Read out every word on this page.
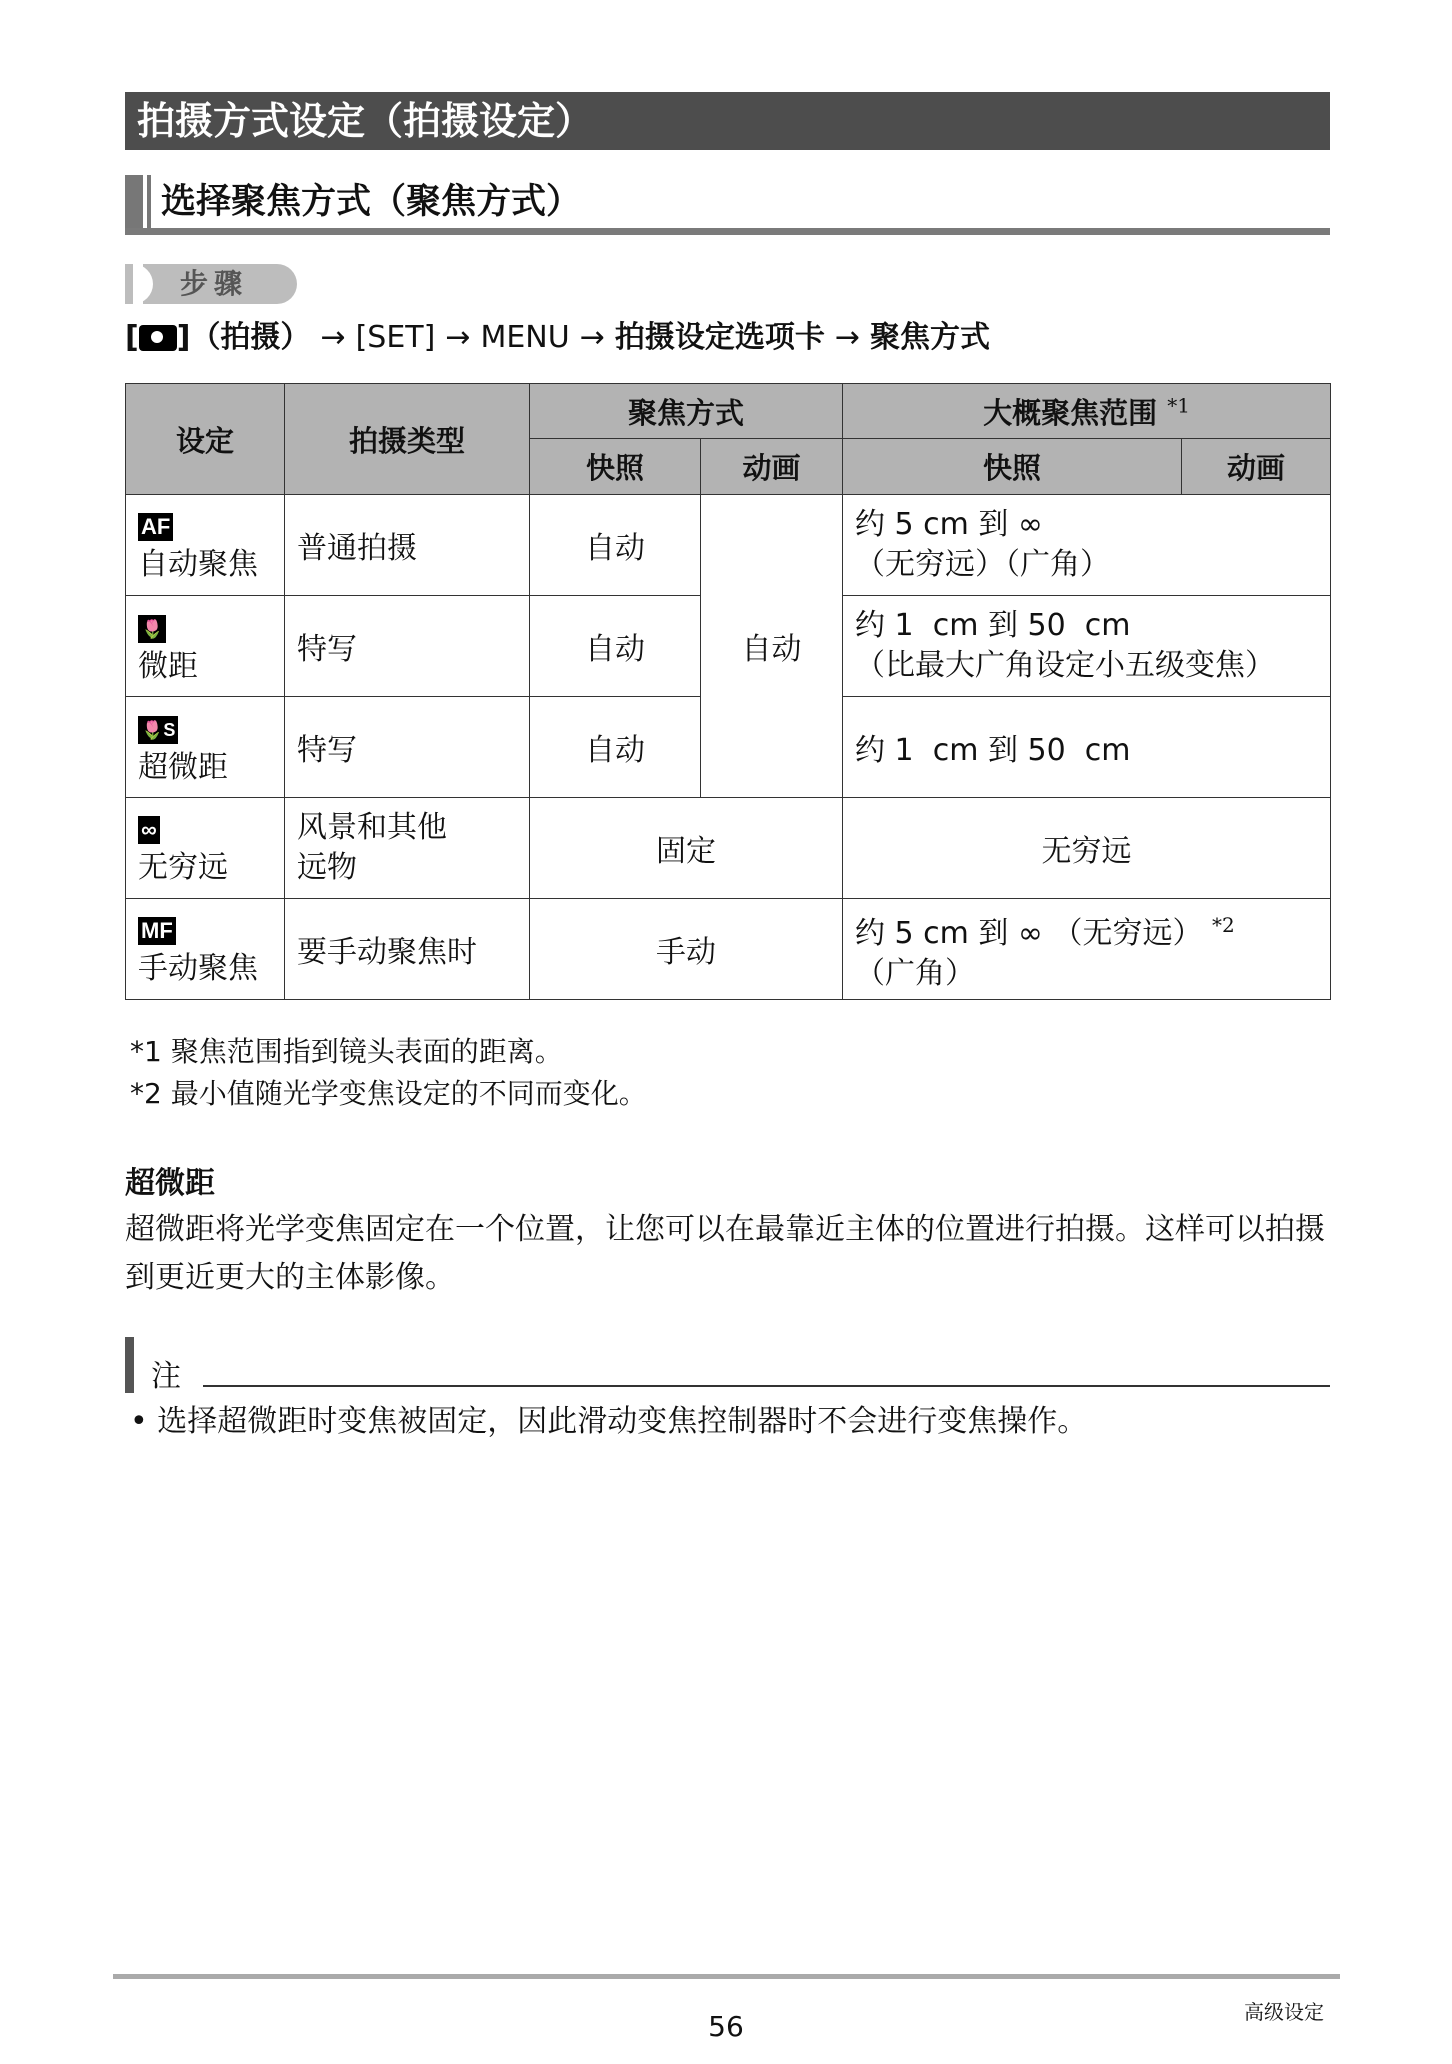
拍摄方式设定（拍摄设定）
选择聚焦方式（聚焦方式）
步骤
[ ]（拍摄） → [SET] → MENU → 拍摄设定选项卡 → 聚焦方式
设定	拍摄类型	聚焦方式		大概聚焦范围 $^{*1}$
		快照	动画	快照	动画
AF
自动聚焦	普通拍摄	自动	自动	约 5 cm 到 ∞
（无穷远）（广角）	
🌷
微距	特写	自动		约 1  cm 到 50  cm
（比最大广角设定小五级变焦）	
🌷S
超微距	特写	自动		约 1  cm 到 50  cm	
∞
无穷远	风景和其他远物	固定		无穷远	
MF
手动聚焦	要手动聚焦时	手动		约 5 cm 到 ∞ （无穷远） $^{*2}$
（广角）	
*1 聚焦范围指到镜头表面的距离。
*2 最小值随光学变焦设定的不同而变化。
超微距
超微距将光学变焦固定在一个位置，让您可以在最靠近主体的位置进行拍摄。这样可以拍摄到更近更大的主体影像。
注
• 选择超微距时变焦被固定，因此滑动变焦控制器时不会进行变焦操作。
56	高级设定
